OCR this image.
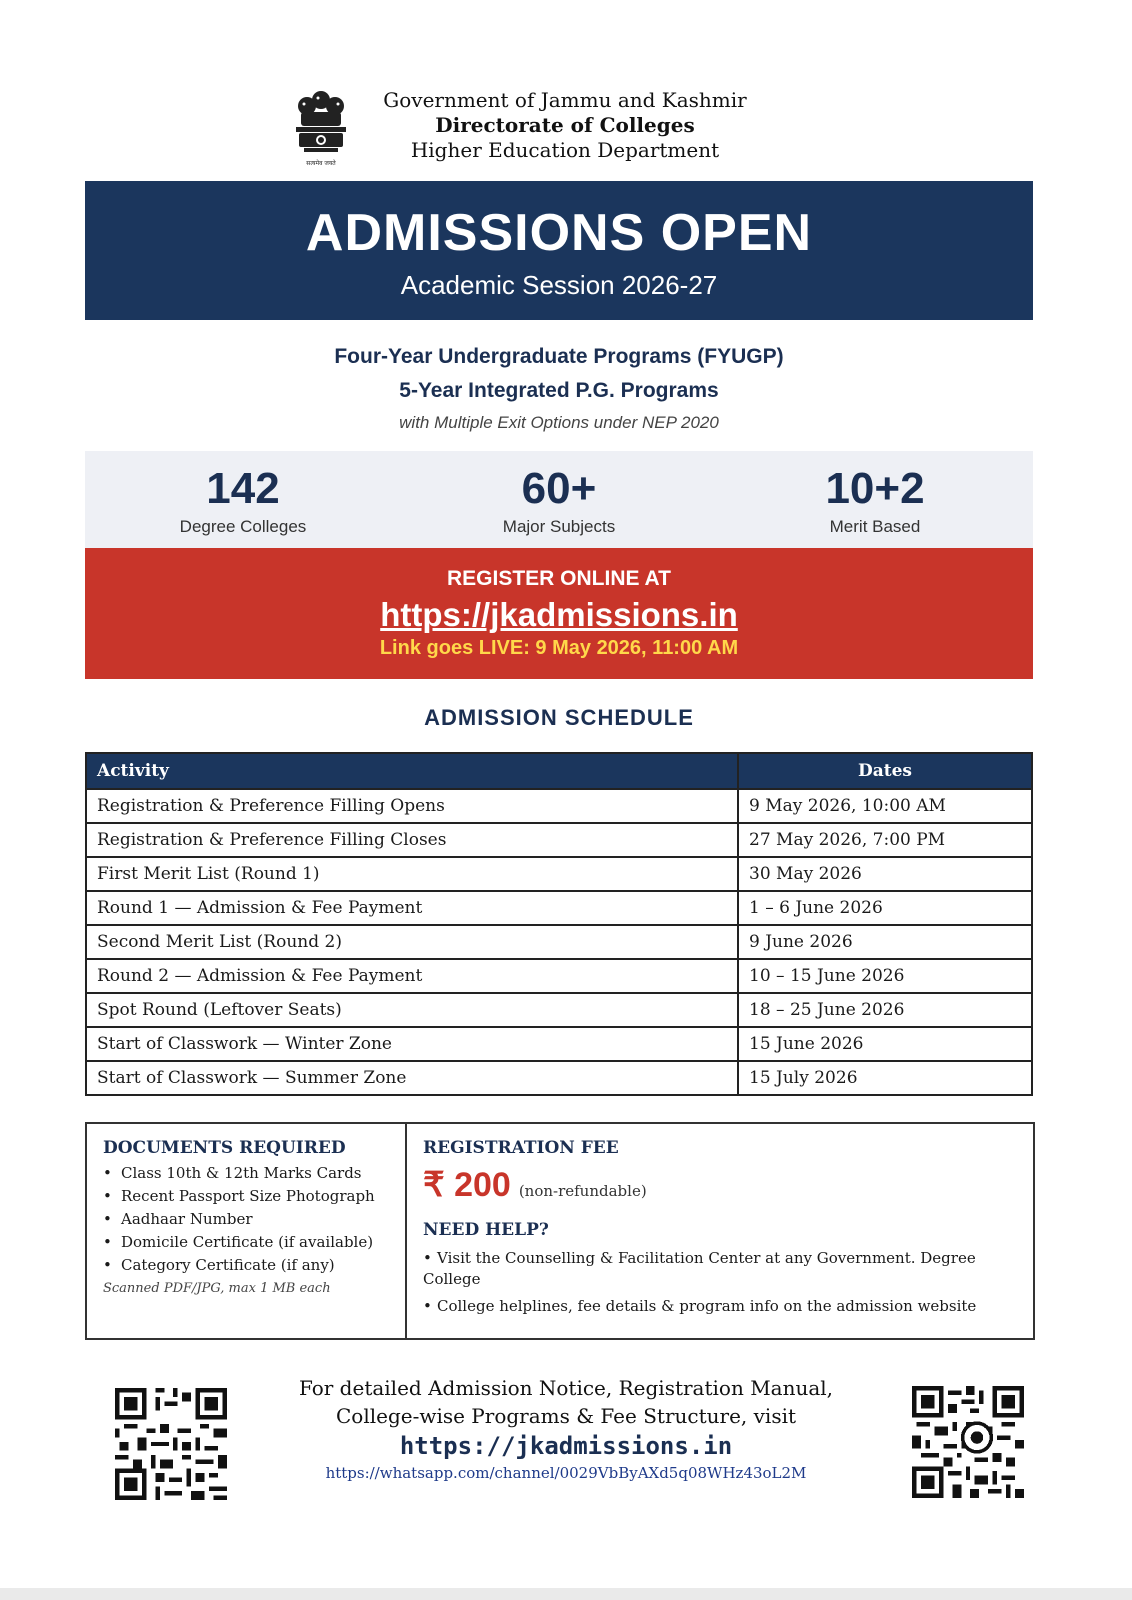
सत्यमेव जयते
Government of Jammu and Kashmir
Directorate of Colleges
Higher Education Department
ADMISSIONS OPEN
Academic Session 2026-27
Four-Year Undergraduate Programs (FYUGP)
5-Year Integrated P.G. Programs
with Multiple Exit Options under NEP 2020
142
Degree Colleges
60+
Major Subjects
10+2
Merit Based
REGISTER ONLINE AT
https://jkadmissions.in
Link goes LIVE: 9 May 2026, 11:00 AM
ADMISSION SCHEDULE
Activity	Dates
Registration & Preference Filling Opens	9 May 2026, 10:00 AM
Registration & Preference Filling Closes	27 May 2026, 7:00 PM
First Merit List (Round 1)	30 May 2026
Round 1 — Admission & Fee Payment	1 – 6 June 2026
Second Merit List (Round 2)	9 June 2026
Round 2 — Admission & Fee Payment	10 – 15 June 2026
Spot Round (Leftover Seats)	18 – 25 June 2026
Start of Classwork — Winter Zone	15 June 2026
Start of Classwork — Summer Zone	15 July 2026
DOCUMENTS REQUIRED
• Class 10th & 12th Marks Cards
• Recent Passport Size Photograph
• Aadhaar Number
• Domicile Certificate (if available)
• Category Certificate (if any)
Scanned PDF/JPG, max 1 MB each
REGISTRATION FEE
₹ 200 (non-refundable)
NEED HELP?
• Visit the Counselling & Facilitation Center at any Government. Degree College
• College helplines, fee details & program info on the admission website
For detailed Admission Notice, Registration Manual,
College-wise Programs & Fee Structure, visit
https://jkadmissions.in
https://whatsapp.com/channel/0029VbByAXd5q08WHz43oL2M
